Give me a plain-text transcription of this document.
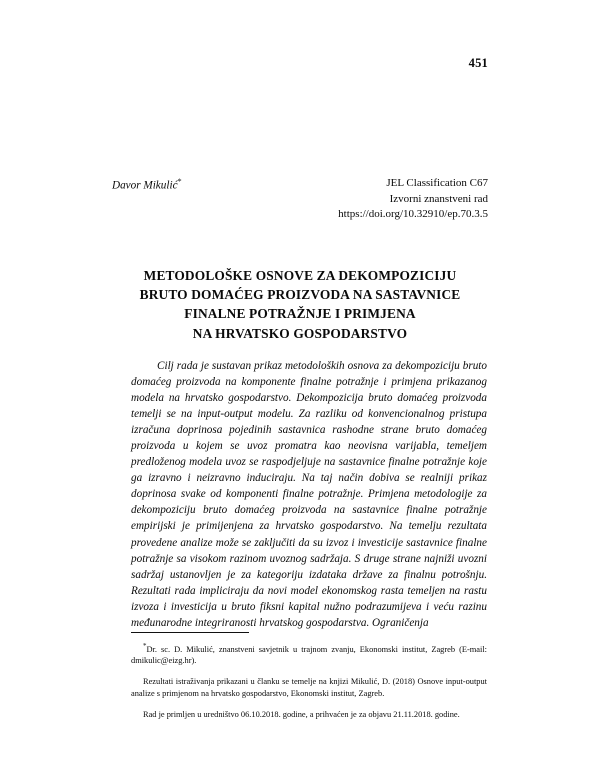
451
Davor Mikulić*	JEL Classification C67
Izvorni znanstveni rad
https://doi.org/10.32910/ep.70.3.5
METODOLOŠKE OSNOVE ZA DEKOMPOZICIJU
BRUTO DOMAĆEG PROIZVODA NA SASTAVNICE
FINALNE POTRAŽNJE I PRIMJENA
NA HRVATSKO GOSPODARSTVO

Cilj rada je sustavan prikaz metodoloških osnova za dekompoziciju bruto domaćeg proizvoda na komponente finalne potražnje i primjena prikazanog modela na hrvatsko gospodarstvo. Dekompozicija bruto domaćeg proizvoda temelji se na input-output modelu. Za razliku od konvencionalnog pristupa izračuna doprinosa pojedinih sastavnica rashodne strane bruto domaćeg proizvoda u kojem se uvoz promatra kao neovisna varijabla, temeljem predloženog modela uvoz se raspodjeljuje na sastavnice finalne potražnje koje ga izravno i neizravno induciraju. Na taj način dobiva se realniji prikaz doprinosa svake od komponenti finalne potražnje. Primjena metodologije za dekompoziciju bruto domaćeg proizvoda na sastavnice finalne potražnje empirijski je primijenjena za hrvatsko gospodarstvo. Na temelju rezultata provedene analize može se zaključiti da su izvoz i investicije sastavnice finalne potražnje sa visokom razinom uvoznog sadržaja. S druge strane najniži uvozni sadržaj ustanovljen je za kategoriju izdataka države za finalnu potrošnju. Rezultati rada impliciraju da novi model ekonomskog rasta temeljen na rastu izvoza i investicija u bruto fiksni kapital nužno podrazumijeva i veću razinu međunarodne integriranosti hrvatskog gospodarstva. Ograničenja

*Dr. sc. D. Mikulić, znanstveni savjetnik u trajnom zvanju, Ekonomski institut, Zagreb (E-mail: dmikulic@eizg.hr).

Rezultati istraživanja prikazani u članku se temelje na knjizi Mikulić, D. (2018) Osnove input-output analize s primjenom na hrvatsko gospodarstvo, Ekonomski institut, Zagreb.

Rad je primljen u uredništvo 06.10.2018. godine, a prihvaćen je za objavu 21.11.2018. godine.
